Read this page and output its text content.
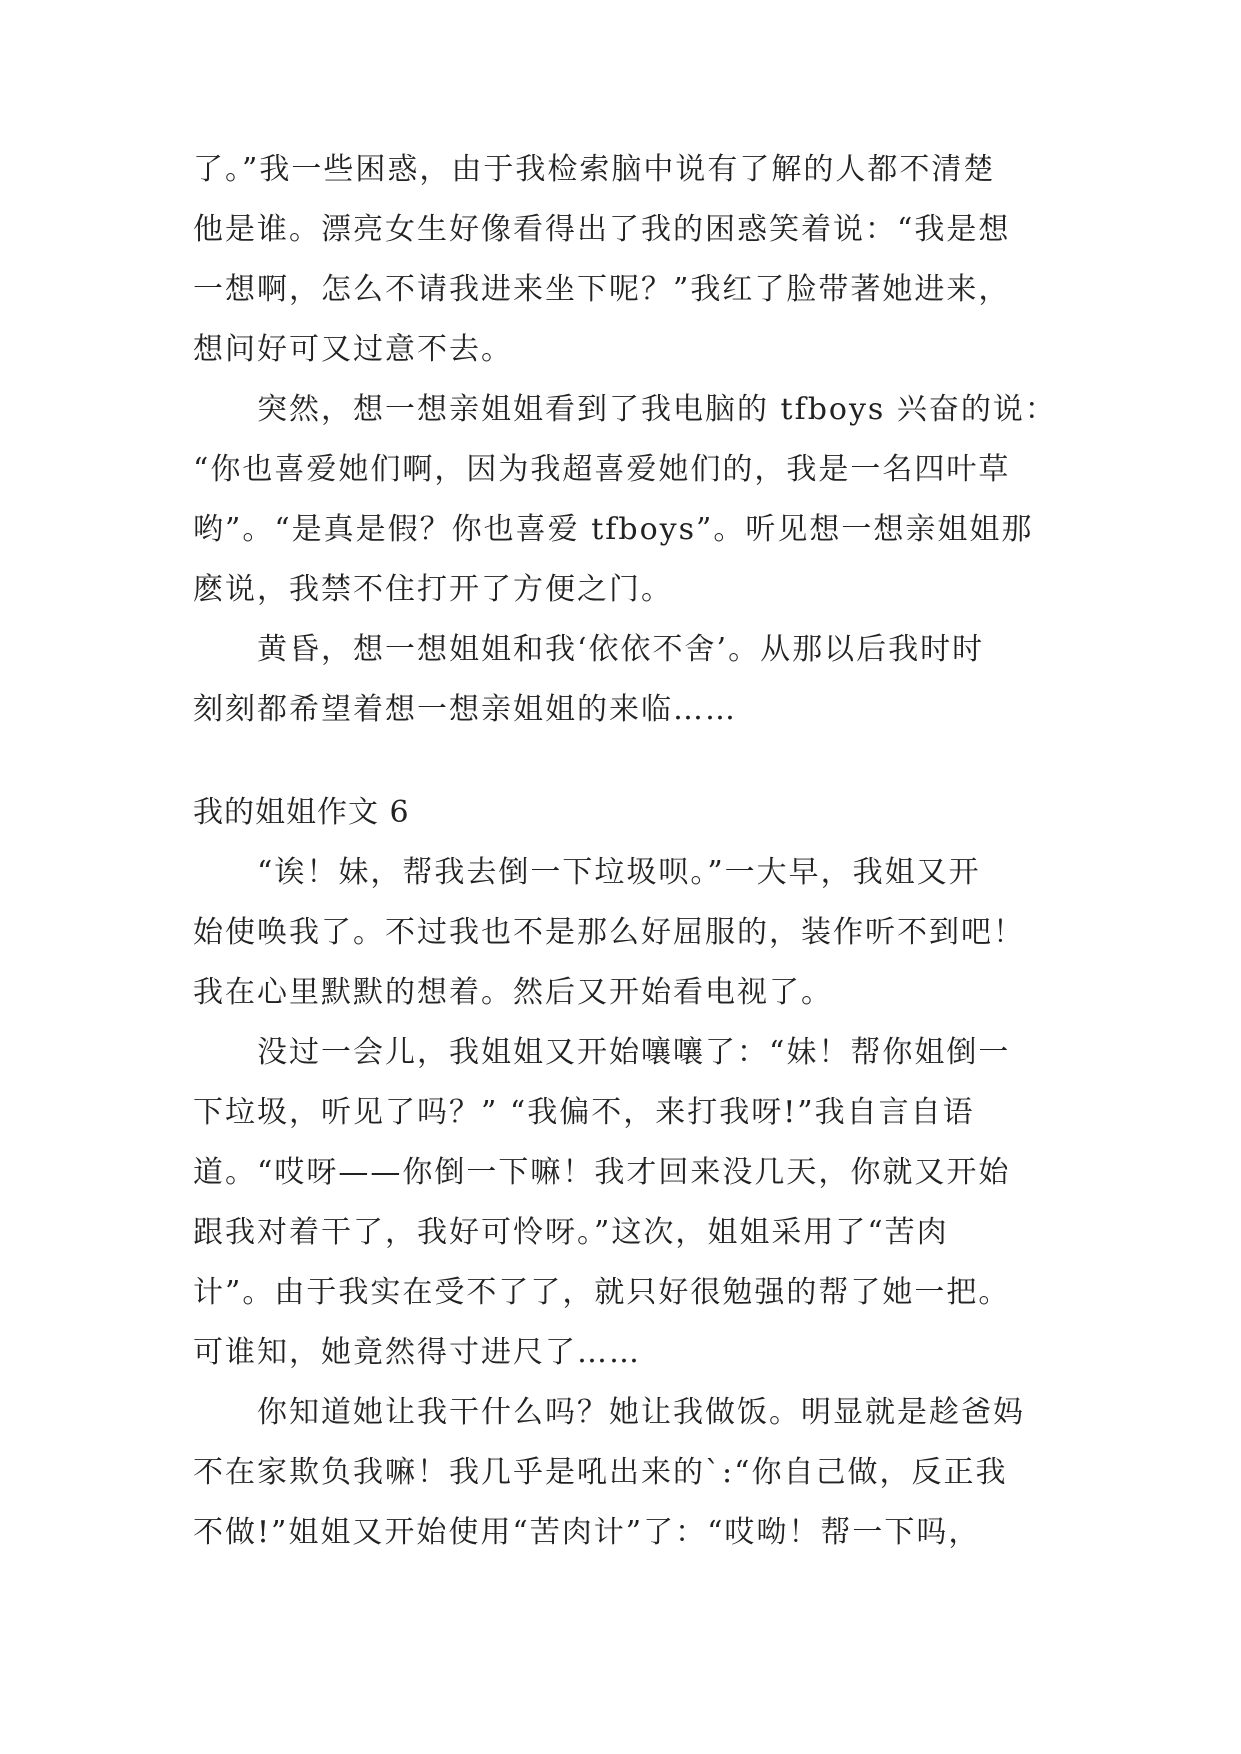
了。”我一些困惑，由于我检索脑中说有了解的人都不清楚
他是谁。漂亮女生好像看得出了我的困惑笑着说：“我是想
一想啊，怎么不请我进来坐下呢？”我红了脸带著她进来，
想问好可又过意不去。
　　突然，想一想亲姐姐看到了我电脑的 tfboys 兴奋的说：
“你也喜爱她们啊，因为我超喜爱她们的，我是一名四叶草
哟”。“是真是假？你也喜爱 tfboys”。听见想一想亲姐姐那
麽说，我禁不住打开了方便之门。
　　黄昏，想一想姐姐和我‘依依不舍’。从那以后我时时
刻刻都希望着想一想亲姐姐的来临……
我的姐姐作文 6
　　“诶！妹，帮我去倒一下垃圾呗。”一大早，我姐又开
始使唤我了。不过我也不是那么好屈服的，装作听不到吧！
我在心里默默的想着。然后又开始看电视了。
　　没过一会儿，我姐姐又开始嚷嚷了：“妹！帮你姐倒一
下垃圾，听见了吗？” “我偏不，来打我呀!”我自言自语
道。“哎呀——你倒一下嘛！我才回来没几天，你就又开始
跟我对着干了，我好可怜呀。”这次，姐姐采用了“苦肉
计”。由于我实在受不了了，就只好很勉强的帮了她一把。
可谁知，她竟然得寸进尺了……
　　你知道她让我干什么吗？她让我做饭。明显就是趁爸妈
不在家欺负我嘛！我几乎是吼出来的`:“你自己做，反正我
不做!”姐姐又开始使用“苦肉计”了：“哎呦！帮一下吗，
